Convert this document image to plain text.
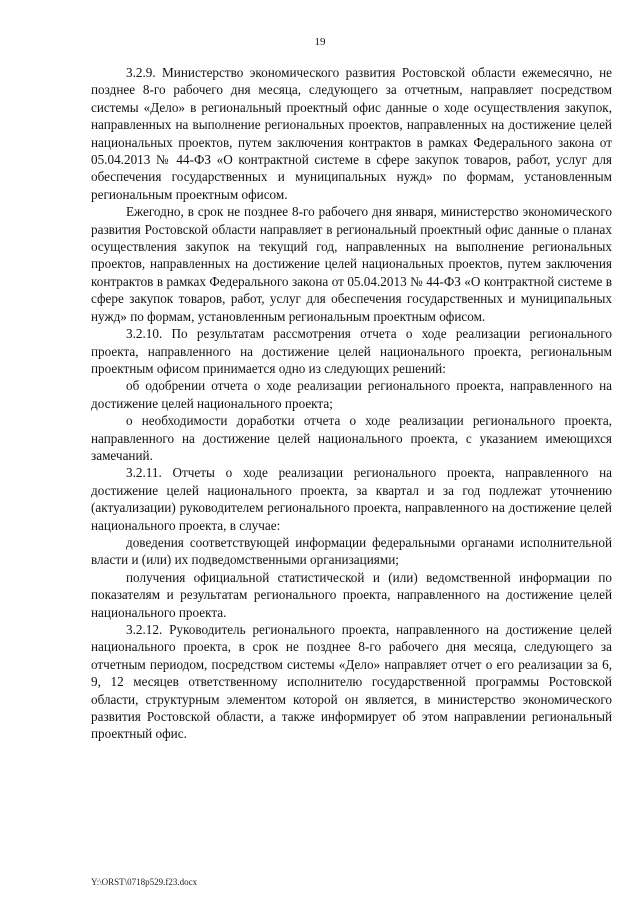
19

3.2.9. Министерство экономического развития Ростовской области ежемесячно, не позднее 8-го рабочего дня месяца, следующего за отчетным, направляет посредством системы «Дело» в региональный проектный офис данные о ходе осуществления закупок, направленных на выполнение региональных проектов, направленных на достижение целей национальных проектов, путем заключения контрактов в рамках Федерального закона от 05.04.2013 № 44-ФЗ «О контрактной системе в сфере закупок товаров, работ, услуг для обеспечения государственных и муниципальных нужд» по формам, установленным региональным проектным офисом.

Ежегодно, в срок не позднее 8-го рабочего дня января, министерство экономического развития Ростовской области направляет в региональный проектный офис данные о планах осуществления закупок на текущий год, направленных на выполнение региональных проектов, направленных на достижение целей национальных проектов, путем заключения контрактов в рамках Федерального закона от 05.04.2013 № 44-ФЗ «О контрактной системе в сфере закупок товаров, работ, услуг для обеспечения государственных и муниципальных нужд» по формам, установленным региональным проектным офисом.

3.2.10. По результатам рассмотрения отчета о ходе реализации регионального проекта, направленного на достижение целей национального проекта, региональным проектным офисом принимается одно из следующих решений:

об одобрении отчета о ходе реализации регионального проекта, направленного на достижение целей национального проекта;

о необходимости доработки отчета о ходе реализации регионального проекта, направленного на достижение целей национального проекта, с указанием имеющихся замечаний.

3.2.11. Отчеты о ходе реализации регионального проекта, направленного на достижение целей национального проекта, за квартал и за год подлежат уточнению (актуализации) руководителем регионального проекта, направленного на достижение целей национального проекта, в случае:

доведения соответствующей информации федеральными органами исполнительной власти и (или) их подведомственными организациями;

получения официальной статистической и (или) ведомственной информации по показателям и результатам регионального проекта, направленного на достижение целей национального проекта.

3.2.12. Руководитель регионального проекта, направленного на достижение целей национального проекта, в срок не позднее 8-го рабочего дня месяца, следующего за отчетным периодом, посредством системы «Дело» направляет отчет о его реализации за 6, 9, 12 месяцев ответственному исполнителю государственной программы Ростовской области, структурным элементом которой он является, в министерство экономического развития Ростовской области, а также информирует об этом направлении региональный проектный офис.

Y:\ORST\0718p529.f23.docx
